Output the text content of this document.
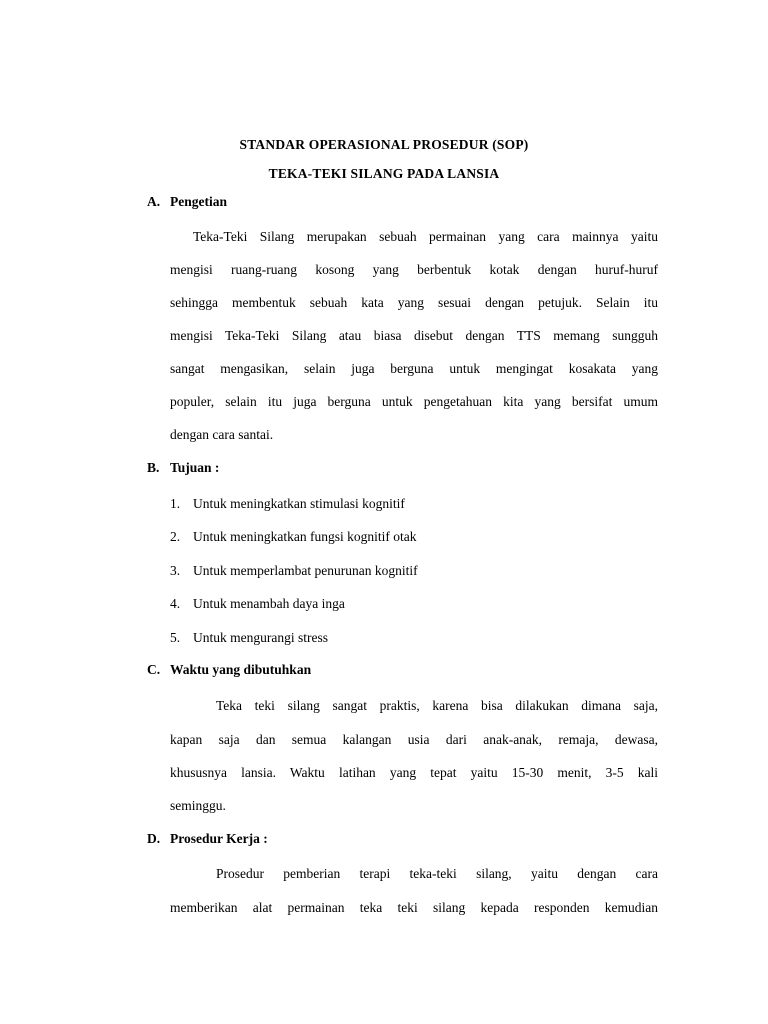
STANDAR OPERASIONAL PROSEDUR (SOP)
TEKA-TEKI SILANG PADA LANSIA
A. Pengetian
Teka-Teki Silang merupakan sebuah permainan yang cara mainnya yaitu
mengisi ruang-ruang kosong yang berbentuk kotak dengan huruf-huruf
sehingga membentuk sebuah kata yang sesuai dengan petujuk. Selain itu
mengisi Teka-Teki Silang atau biasa disebut dengan TTS memang sungguh
sangat mengasikan, selain juga berguna untuk mengingat kosakata yang
populer, selain itu juga berguna untuk pengetahuan kita yang bersifat umum
dengan cara santai.
B. Tujuan :
1. Untuk meningkatkan stimulasi kognitif
2. Untuk meningkatkan fungsi kognitif otak
3. Untuk memperlambat penurunan kognitif
4. Untuk menambah daya inga
5. Untuk mengurangi stress
C. Waktu yang dibutuhkan
Teka teki silang sangat praktis, karena bisa dilakukan dimana saja,
kapan saja dan semua kalangan usia dari anak-anak, remaja, dewasa,
khususnya lansia. Waktu latihan yang tepat yaitu 15-30 menit, 3-5 kali
seminggu.
D. Prosedur Kerja :
Prosedur pemberian terapi teka-teki silang, yaitu dengan cara
memberikan alat permainan teka teki silang kepada responden kemudian
